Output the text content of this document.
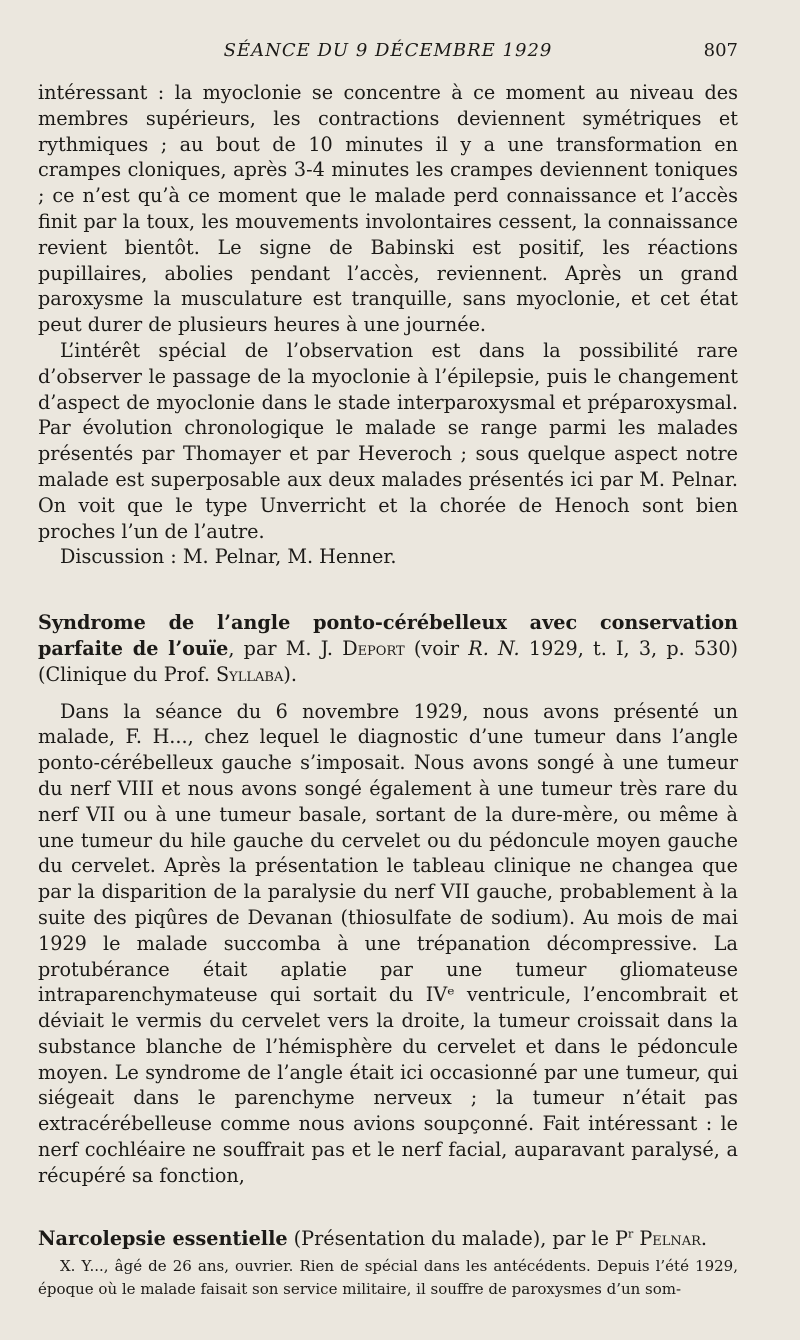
SÉANCE DU 9 DÉCEMBRE 1929	807

intéressant : la myoclonie se concentre à ce moment au niveau des membres supérieurs, les contractions deviennent symétriques et rythmiques ; au bout de 10 minutes il y a une transformation en crampes cloniques, après 3-4 minutes les crampes deviennent toniques ; ce n’est qu’à ce moment que le malade perd connaissance et l’accès finit par la toux, les mouvements involontaires cessent, la connaissance revient bientôt. Le signe de Babinski est positif, les réactions pupillaires, abolies pendant l’accès, reviennent. Après un grand paroxysme la musculature est tranquille, sans myoclonie, et cet état peut durer de plusieurs heures à une journée.

L’intérêt spécial de l’observation est dans la possibilité rare d’observer le passage de la myoclonie à l’épilepsie, puis le changement d’aspect de myoclonie dans le stade interparoxysmal et préparoxysmal. Par évolution chronologique le malade se range parmi les malades présentés par Thomayer et par Heveroch ; sous quelque aspect notre malade est superposable aux deux malades présentés ici par M. Pelnar. On voit que le type Unverricht et la chorée de Henoch sont bien proches l’un de l’autre.

Discussion : M. Pelnar, M. Henner.

Syndrome de l’angle ponto-cérébelleux avec conservation parfaite de l’ouïe, par M. J. Deport (voir R. N. 1929, t. I, 3, p. 530) (Clinique du Prof. Syllaba).

Dans la séance du 6 novembre 1929, nous avons présenté un malade, F. H..., chez lequel le diagnostic d’une tumeur dans l’angle ponto-cérébelleux gauche s’imposait. Nous avons songé à une tumeur du nerf VIII et nous avons songé également à une tumeur très rare du nerf VII ou à une tumeur basale, sortant de la dure-mère, ou même à une tumeur du hile gauche du cervelet ou du pédoncule moyen gauche du cervelet. Après la présentation le tableau clinique ne changea que par la disparition de la paralysie du nerf VII gauche, probablement à la suite des piqûres de Devanan (thiosulfate de sodium). Au mois de mai 1929 le malade succomba à une trépanation décompressive. La protubérance était aplatie par une tumeur gliomateuse intraparenchymateuse qui sortait du IVᵉ ventricule, l’encombrait et déviait le vermis du cervelet vers la droite, la tumeur croissait dans la substance blanche de l’hémisphère du cervelet et dans le pédoncule moyen. Le syndrome de l’angle était ici occasionné par une tumeur, qui siégeait dans le parenchyme nerveux ; la tumeur n’était pas extracérébelleuse comme nous avions soupçonné. Fait intéressant : le nerf cochléaire ne souffrait pas et le nerf facial, auparavant paralysé, a récupéré sa fonction,

Narcolepsie essentielle (Présentation du malade), par le $P^r$ Pelnar.

X. Y..., âgé de 26 ans, ouvrier. Rien de spécial dans les antécédents. Depuis l’été 1929, époque où le malade faisait son service militaire, il souffre de paroxysmes d’un som-
